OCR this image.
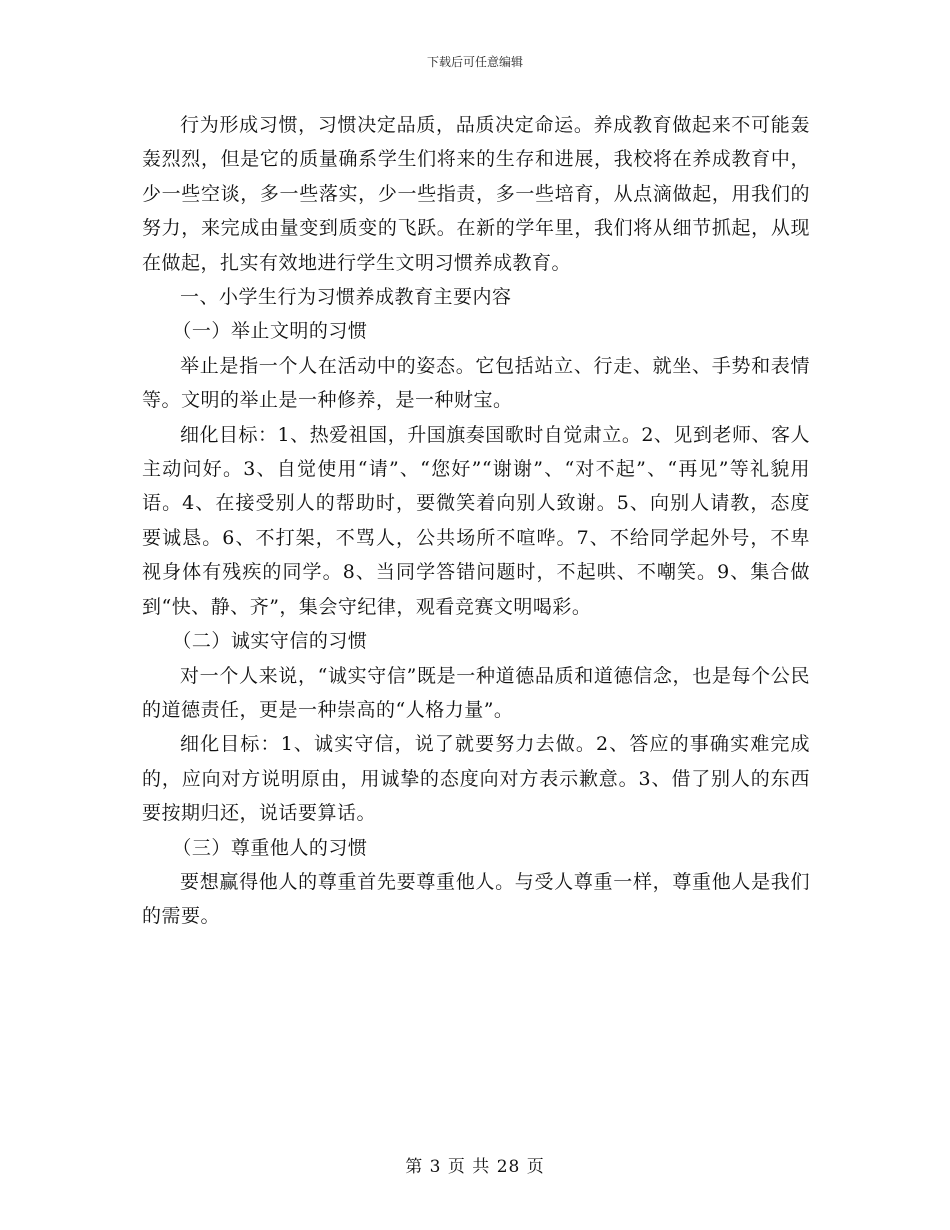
下载后可任意编辑

行为形成习惯，习惯决定品质，品质决定命运。养成教育做起来不可能轰轰烈烈，但是它的质量确系学生们将来的生存和进展，我校将在养成教育中，少一些空谈，多一些落实，少一些指责，多一些培育，从点滴做起，用我们的努力，来完成由量变到质变的飞跃。在新的学年里，我们将从细节抓起，从现在做起，扎实有效地进行学生文明习惯养成教育。

一、小学生行为习惯养成教育主要内容

（一）举止文明的习惯

举止是指一个人在活动中的姿态。它包括站立、行走、就坐、手势和表情等。文明的举止是一种修养，是一种财宝。

细化目标：1、热爱祖国，升国旗奏国歌时自觉肃立。2、见到老师、客人主动问好。3、自觉使用“请”、“您好”“谢谢”、“对不起”、“再见”等礼貌用语。4、在接受别人的帮助时，要微笑着向别人致谢。5、向别人请教，态度要诚恳。6、不打架，不骂人，公共场所不喧哗。7、不给同学起外号，不卑视身体有残疾的同学。8、当同学答错问题时，不起哄、不嘲笑。9、集合做到“快、静、齐”，集会守纪律，观看竞赛文明喝彩。

（二）诚实守信的习惯

对一个人来说，“诚实守信”既是一种道德品质和道德信念，也是每个公民的道德责任，更是一种崇高的“人格力量”。

细化目标：1、诚实守信，说了就要努力去做。2、答应的事确实难完成的，应向对方说明原由，用诚挚的态度向对方表示歉意。3、借了别人的东西要按期归还，说话要算话。

（三）尊重他人的习惯

要想赢得他人的尊重首先要尊重他人。与受人尊重一样，尊重他人是我们的需要。

第 3 页 共 28 页
